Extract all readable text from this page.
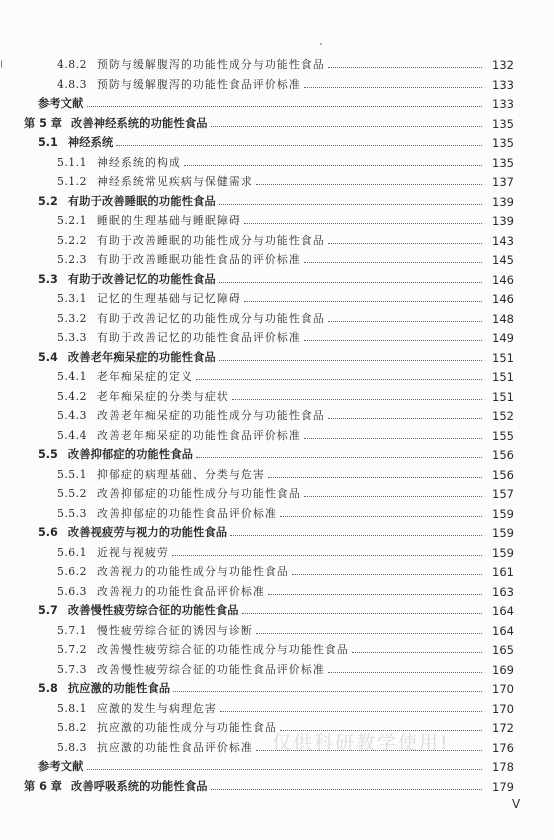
4.8.2 预防与缓解腹泻的功能性成分与功能性食品	132
4.8.3 预防与缓解腹泻的功能性食品评价标准	133
参考文献	133
第 5 章 改善神经系统的功能性食品	135
5.1 神经系统	135
5.1.1 神经系统的构成	135
5.1.2 神经系统常见疾病与保健需求	137
5.2 有助于改善睡眠的功能性食品	139
5.2.1 睡眠的生理基础与睡眠障碍	139
5.2.2 有助于改善睡眠的功能性成分与功能性食品	143
5.2.3 有助于改善睡眠功能性食品的评价标准	145
5.3 有助于改善记忆的功能性食品	146
5.3.1 记忆的生理基础与记忆障碍	146
5.3.2 有助于改善记忆的功能性成分与功能性食品	148
5.3.3 有助于改善记忆的功能性食品评价标准	149
5.4 改善老年痴呆症的功能性食品	151
5.4.1 老年痴呆症的定义	151
5.4.2 老年痴呆症的分类与症状	151
5.4.3 改善老年痴呆症的功能性成分与功能性食品	152
5.4.4 改善老年痴呆症的功能性食品评价标准	155
5.5 改善抑郁症的功能性食品	156
5.5.1 抑郁症的病理基础、分类与危害	156
5.5.2 改善抑郁症的功能性成分与功能性食品	157
5.5.3 改善抑郁症的功能性食品评价标准	159
5.6 改善视疲劳与视力的功能性食品	159
5.6.1 近视与视疲劳	159
5.6.2 改善视力的功能性成分与功能性食品	161
5.6.3 改善视力的功能性食品评价标准	163
5.7 改善慢性疲劳综合征的功能性食品	164
5.7.1 慢性疲劳综合征的诱因与诊断	164
5.7.2 改善慢性疲劳综合征的功能性成分与功能性食品	165
5.7.3 改善慢性疲劳综合征的功能性食品评价标准	169
5.8 抗应激的功能性食品	170
5.8.1 应激的发生与病理危害	170
5.8.2 抗应激的功能性成分与功能性食品	172
5.8.3 抗应激的功能性食品评价标准	176
参考文献	178
第 6 章 改善呼吸系统的功能性食品	179
仅供科研教学使用!
V
